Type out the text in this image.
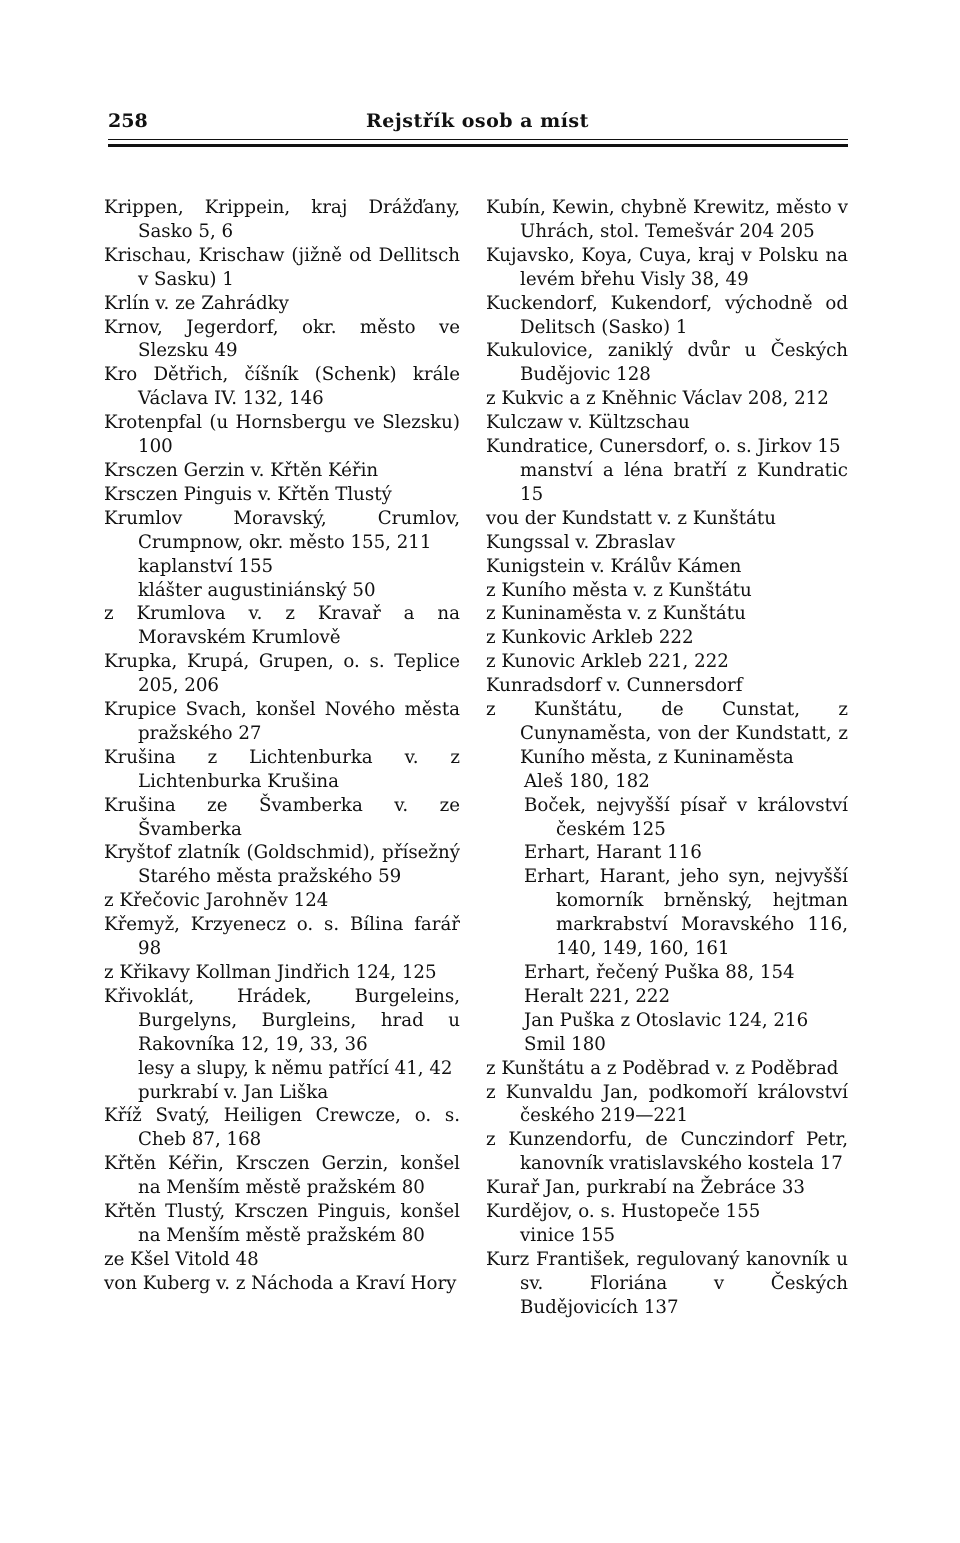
258	Rejstřík osob a míst

Krippen, Krippein, kraj Drážďany, Sasko 5, 6

Krischau, Krischaw (jižně od Dellitsch v Sasku) 1

Krlín v. ze Zahrádky

Krnov, Jegerdorf, okr. město ve Slezsku 49

Kro Dětřich, číšník (Schenk) krále Václava IV. 132, 146

Krotenpfal (u Hornsbergu ve Slezsku) 100

Krsczen Gerzin v. Křtěn Kéřin

Krsczen Pinguis v. Křtěn Tlustý

Krumlov Moravský, Crumlov, Crumpnow, okr. město 155, 211

kaplanství 155

klášter augustiniánský 50

z Krumlova v. z Kravař a na Moravském Krumlově

Krupka, Krupá, Grupen, o. s. Teplice 205, 206

Krupice Svach, konšel Nového města pražského 27

Krušina z Lichtenburka v. z Lichtenburka Krušina

Krušina ze Švamberka v. ze Švamberka

Kryštof zlatník (Goldschmid), přísežný Starého města pražského 59

z Křečovic Jarohněv 124

Křemyž, Krzyenecz o. s. Bílina farář 98

z Křikavy Kollman Jindřich 124, 125

Křivoklát, Hrádek, Burgeleins, Burgelyns, Burgleins, hrad u Rakovníka 12, 19, 33, 36

lesy a slupy, k němu patřící 41, 42

purkrabí v. Jan Liška

Kříž Svatý, Heiligen Crewcze, o. s. Cheb 87, 168

Křtěn Kéřin, Krsczen Gerzin, konšel na Menším městě pražském 80

Křtěn Tlustý, Krsczen Pinguis, konšel na Menším městě pražském 80

ze Kšel Vitold 48

von Kuberg v. z Náchoda a Kraví Hory

Kubín, Kewin, chybně Krewitz, město v Uhrách, stol. Temešvár 204 205

Kujavsko, Koya, Cuya, kraj v Polsku na levém břehu Visly 38, 49

Kuckendorf, Kukendorf, východně od Delitsch (Sasko) 1

Kukulovice, zaniklý dvůr u Českých Budějovic 128

z Kukvic a z Kněhnic Václav 208, 212

Kulczaw v. Kültzschau

Kundratice, Cunersdorf, o. s. Jirkov 15

manství a léna bratří z Kundratic 15

vou der Kundstatt v. z Kunštátu

Kungssal v. Zbraslav

Kunigstein v. Králův Kámen

z Kuního města v. z Kunštátu

z Kuninaměsta v. z Kunštátu

z Kunkovic Arkleb 222

z Kunovic Arkleb 221, 222

Kunradsdorf v. Cunnersdorf

z Kunštátu, de Cunstat, z Cunynaměsta, von der Kundstatt, z Kuního města, z Kuninaměsta

Aleš 180, 182

Boček, nejvyšší písař v království českém 125

Erhart, Harant 116

Erhart, Harant, jeho syn, nejvyšší komorník brněnský, hejtman markrabství Moravského 116, 140, 149, 160, 161

Erhart, řečený Puška 88, 154

Heralt 221, 222

Jan Puška z Otoslavic 124, 216

Smil 180

z Kunštátu a z Poděbrad v. z Poděbrad

z Kunvaldu Jan, podkomoří království českého 219—221

z Kunzendorfu, de Cunczindorf Petr, kanovník vratislavského kostela 17

Kurař Jan, purkrabí na Žebráce 33

Kurdějov, o. s. Hustopeče 155

vinice 155

Kurz František, regulovaný kanovník u sv. Floriána v Českých Budějovicích 137
